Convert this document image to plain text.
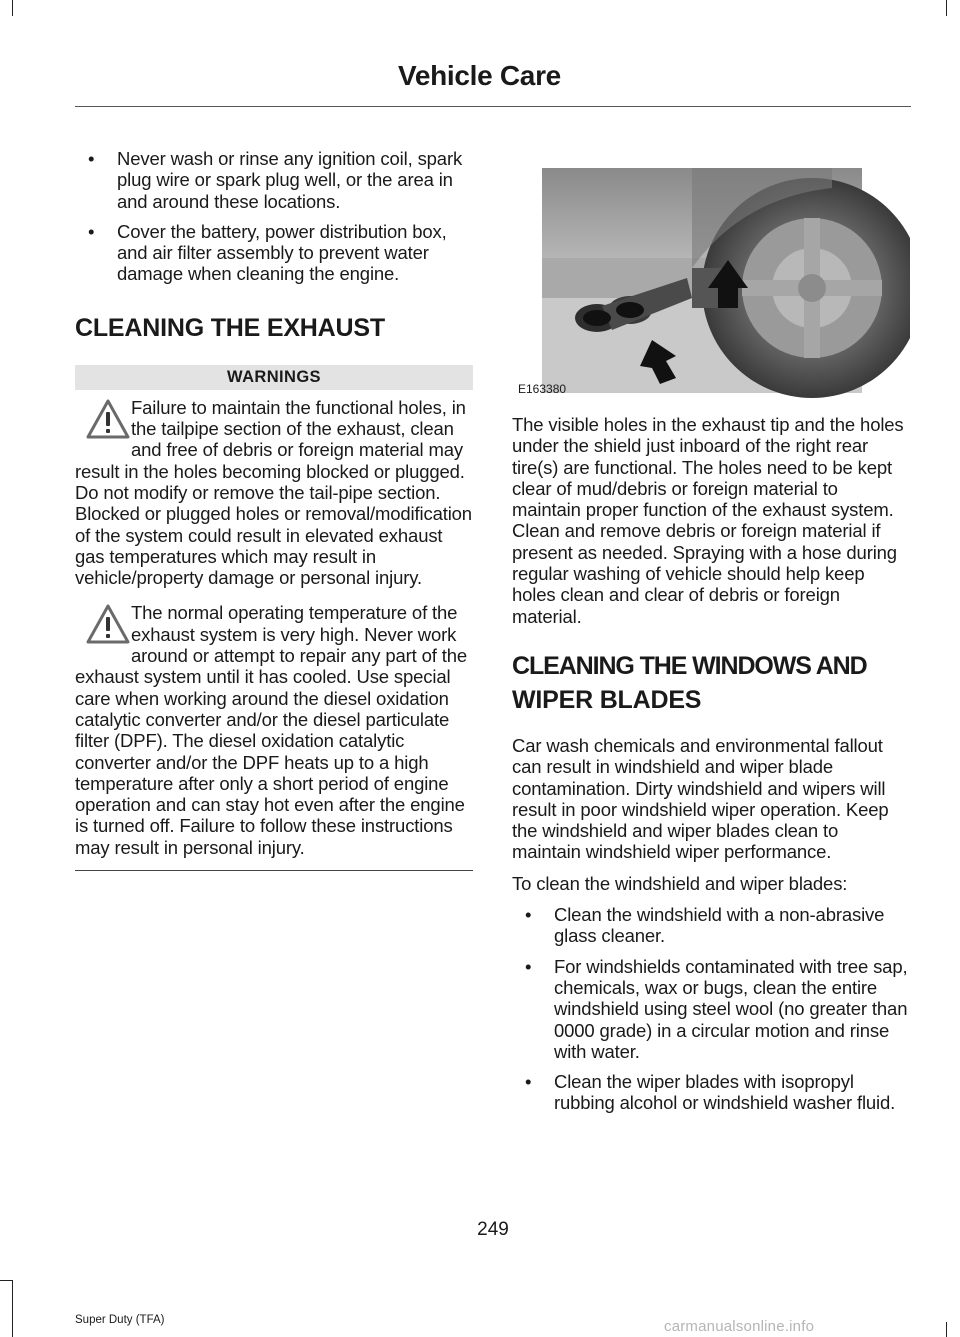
Vehicle Care
• Never wash or rinse any ignition coil, spark plug wire or spark plug well, or the area in and around these locations.
• Cover the battery, power distribution box, and air filter assembly to prevent water damage when cleaning the engine.
CLEANING THE EXHAUST
WARNINGS

Failure to maintain the functional holes, in the tailpipe section of the exhaust, clean and free of debris or foreign material may result in the holes becoming blocked or plugged. Do not modify or remove the tail-pipe section. Blocked or plugged holes or removal/modification of the system could result in elevated exhaust gas temperatures which may result in vehicle/property damage or personal injury.

The normal operating temperature of the exhaust system is very high. Never work around or attempt to repair any part of the exhaust system until it has cooled. Use special care when working around the diesel oxidation catalytic converter and/or the diesel particulate filter (DPF). The diesel oxidation catalytic converter and/or the DPF heats up to a high temperature after only a short period of engine operation and can stay hot even after the engine is turned off. Failure to follow these instructions may result in personal injury.

E163380

The visible holes in the exhaust tip and the holes under the shield just inboard of the right rear tire(s) are functional. The holes need to be kept clear of mud/debris or foreign material to maintain proper function of the exhaust system. Clean and remove debris or foreign material if present as needed. Spraying with a hose during regular washing of vehicle should help keep holes clean and clear of debris or foreign material.

CLEANING THE WINDOWS AND
WIPER BLADES

Car wash chemicals and environmental fallout can result in windshield and wiper blade contamination. Dirty windshield and wipers will result in poor windshield wiper operation. Keep the windshield and wiper blades clean to maintain windshield wiper performance.

To clean the windshield and wiper blades:

• Clean the windshield with a non-abrasive glass cleaner.
• For windshields contaminated with tree sap, chemicals, wax or bugs, clean the entire windshield using steel wool (no greater than 0000 grade) in a circular motion and rinse with water.
• Clean the wiper blades with isopropyl rubbing alcohol or windshield washer fluid.
249
Super Duty (TFA)	carmanualsonline.info
